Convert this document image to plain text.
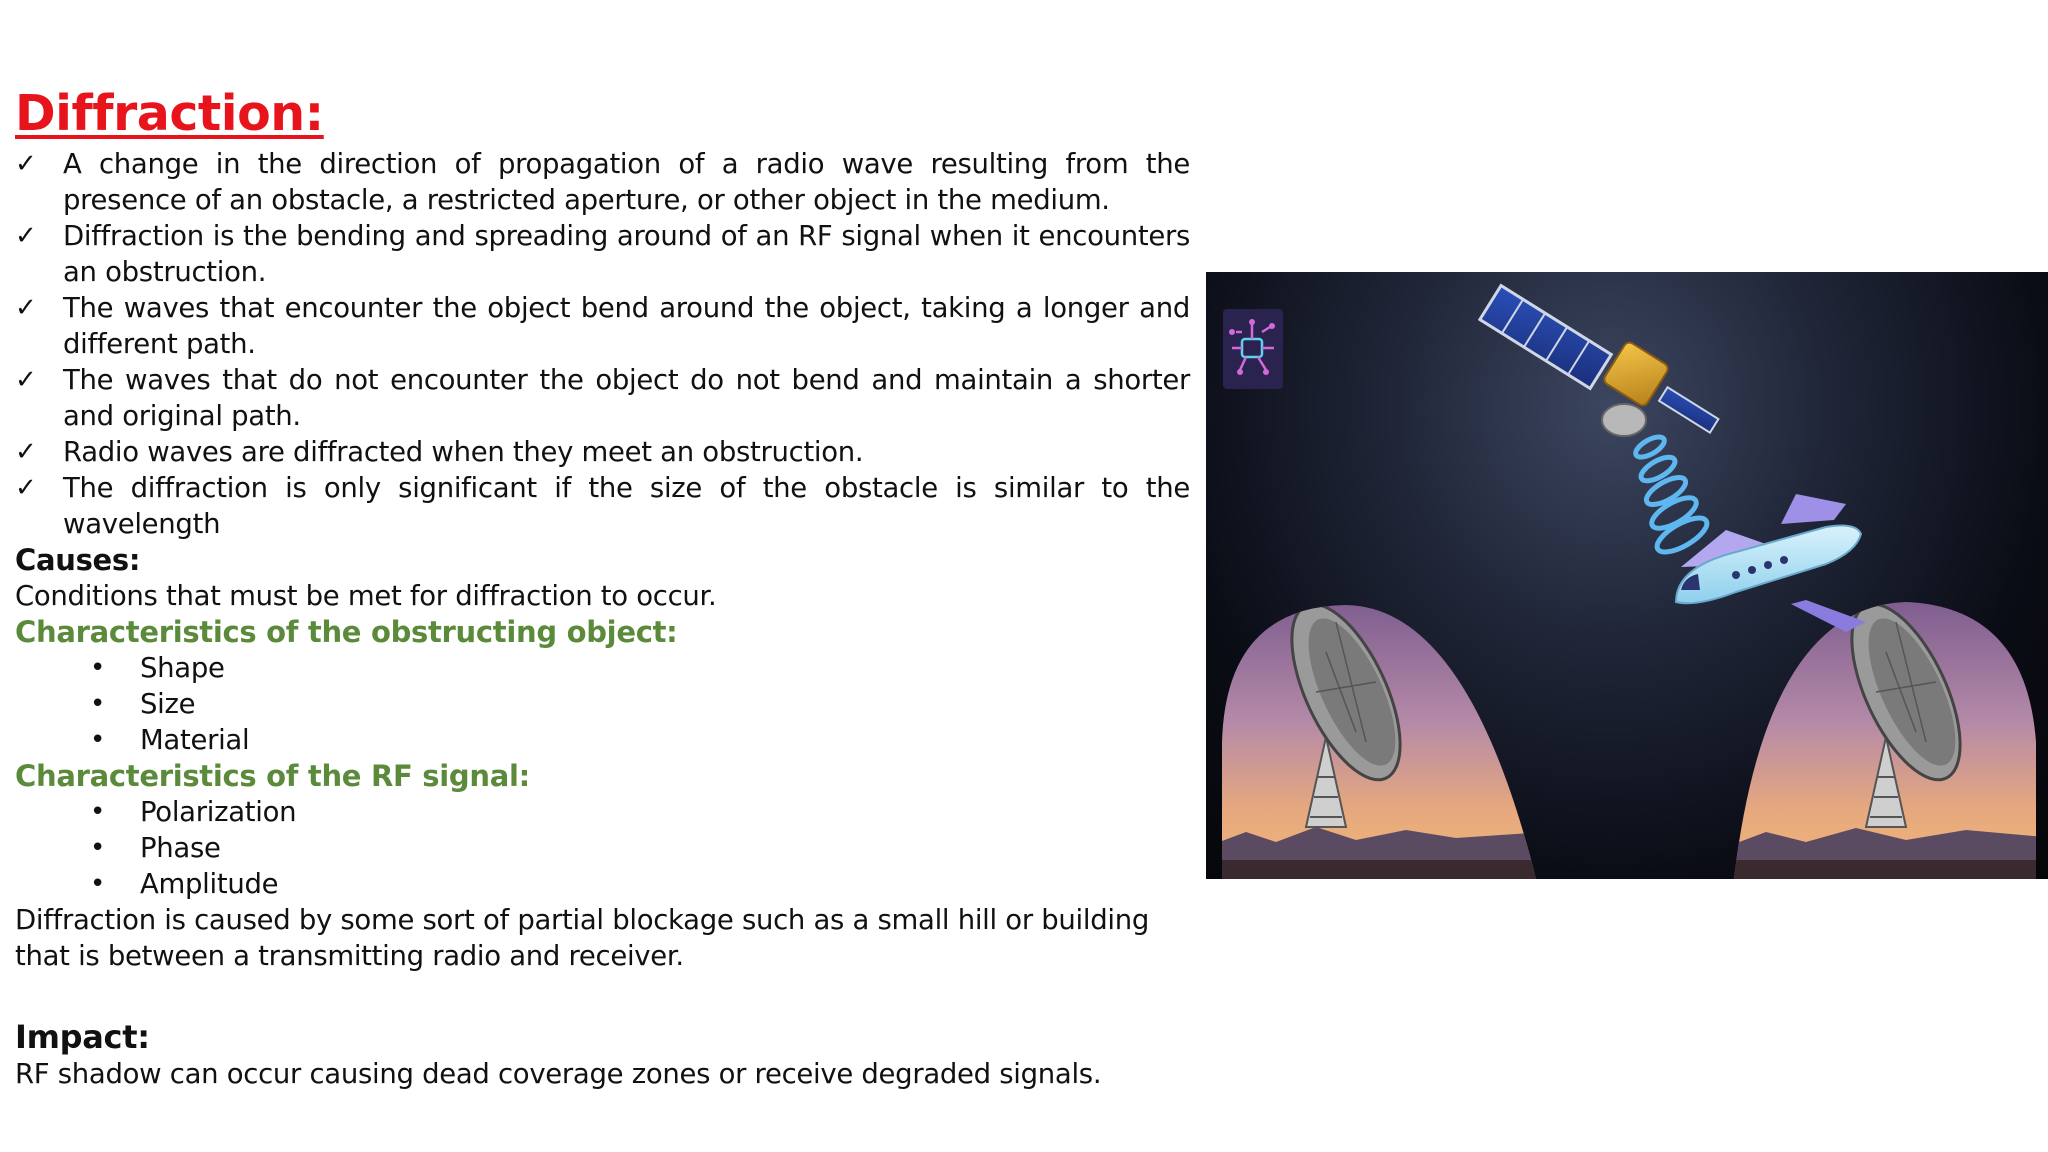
Diffraction:
✓ A change in the direction of propagation of a radio wave resulting from the presence of an obstacle, a restricted aperture, or other object in the medium.
✓ Diffraction is the bending and spreading around of an RF signal when it encounters an obstruction.
✓ The waves that encounter the object bend around the object, taking a longer and different path.
✓ The waves that do not encounter the object do not bend and maintain a shorter and original path.
✓ Radio waves are diffracted when they meet an obstruction.
✓ The diffraction is only significant if the size of the obstacle is similar to the wavelength
Causes:
Conditions that must be met for diffraction to occur.
Characteristics of the obstructing object:
• Shape
• Size
• Material
Characteristics of the RF signal:
• Polarization
• Phase
• Amplitude
Diffraction is caused by some sort of partial blockage such as a small hill or building that is between a transmitting radio and receiver.
Impact:
RF shadow can occur causing dead coverage zones or receive degraded signals.
